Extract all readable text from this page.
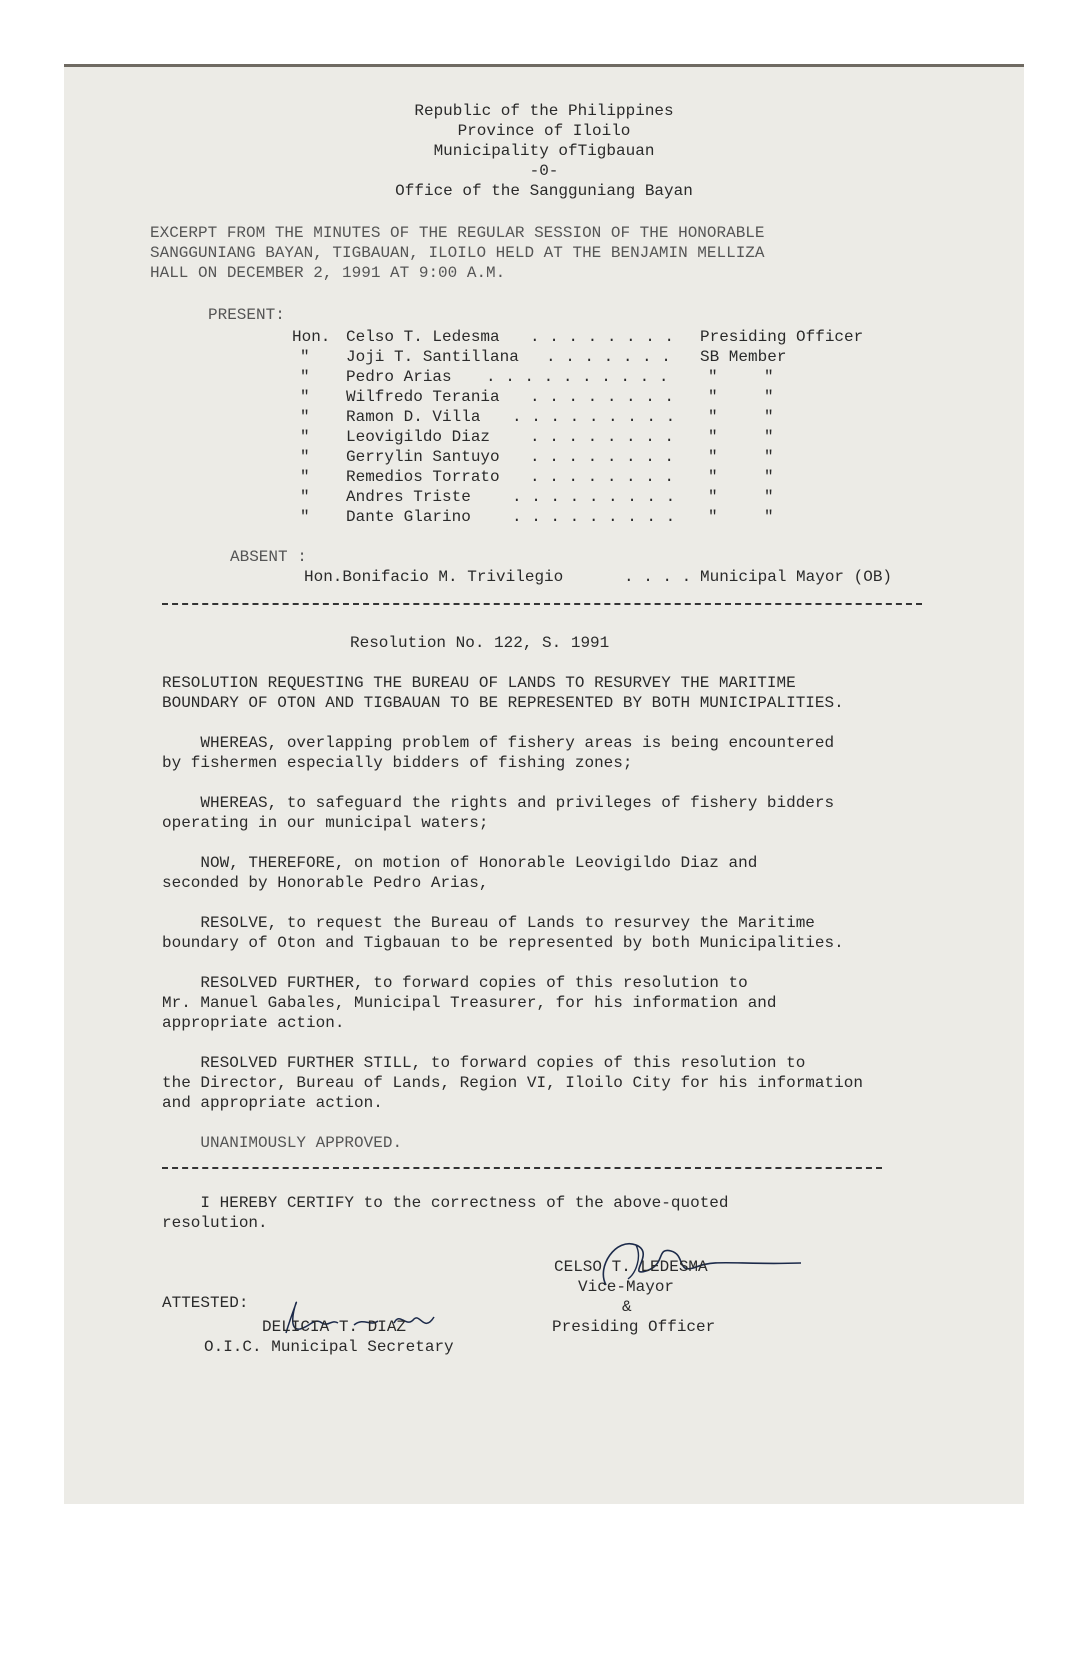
Republic of the Philippines
Province of Iloilo
Municipality ofTigbauan
-0-
Office of the Sangguniang Bayan
EXCERPT FROM THE MINUTES OF THE REGULAR SESSION OF THE HONORABLE
SANGGUNIANG BAYAN, TIGBAUAN, ILOILO HELD AT THE BENJAMIN MELLIZA
HALL ON DECEMBER 2, 1991 AT 9:00 A.M.
PRESENT:
Hon. Celso T. Ledesma . . . . . . . . Presiding Officer
" Joji T. Santillana . . . . . . . SB Member
" Pedro Arias . . . . . . . . . . "	"
" Wilfredo Terania . . . . . . . . "	"
" Ramon D. Villa . . . . . . . . . "	"
" Leovigildo Diaz . . . . . . . . "	"
" Gerrylin Santuyo . . . . . . . . "	"
" Remedios Torrato . . . . . . . . "	"
" Andres Triste	. . . . . . . . . "	"
" Dante Glarino	. . . . . . . . . "	"
ABSENT :
Hon.Bonifacio M. Trivilegio	. . . . Municipal Mayor (OB)
Resolution No. 122, S. 1991
RESOLUTION REQUESTING THE BUREAU OF LANDS TO RESURVEY THE MARITIME
BOUNDARY OF OTON AND TIGBAUAN TO BE REPRESENTED BY BOTH MUNICIPALITIES.
WHEREAS, overlapping problem of fishery areas is being encountered
by fishermen especially bidders of fishing zones;
WHEREAS, to safeguard the rights and privileges of fishery bidders
operating in our municipal waters;
NOW, THEREFORE, on motion of Honorable Leovigildo Diaz and
seconded by Honorable Pedro Arias,
RESOLVE, to request the Bureau of Lands to resurvey the Maritime
boundary of Oton and Tigbauan to be represented by both Municipalities.
RESOLVED FURTHER, to forward copies of this resolution to
Mr. Manuel Gabales, Municipal Treasurer, for his information and
appropriate action.
RESOLVED FURTHER STILL, to forward copies of this resolution to
the Director, Bureau of Lands, Region VI, Iloilo City for his information
and appropriate action.
UNANIMOUSLY APPROVED.
I HEREBY CERTIFY to the correctness of the above-quoted
resolution.
CELSO T. LEDESMA
Vice-Mayor
&
Presiding Officer
ATTESTED:
DELICIA T. DIAZ
O.I.C. Municipal Secretary
